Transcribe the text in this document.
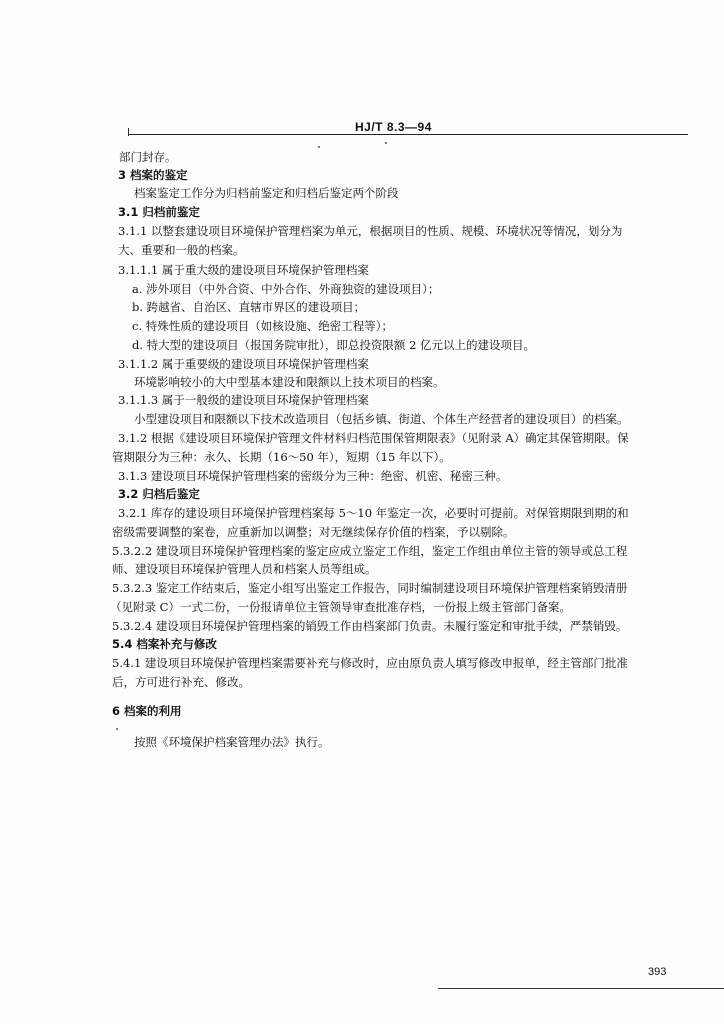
HJ/T 8.3—94
部门封存。
3 档案的鉴定
档案鉴定工作分为归档前鉴定和归档后鉴定两个阶段
3.1 归档前鉴定
3.1.1 以整套建设项目环境保护管理档案为单元，根据项目的性质、规模、环境状况等情况，划分为
大、重要和一般的档案。
3.1.1.1 属于重大级的建设项目环境保护管理档案
a. 涉外项目（中外合资、中外合作、外商独资的建设项目）；
b. 跨越省、自治区、直辖市界区的建设项目；
c. 特殊性质的建设项目（如核设施、绝密工程等）；
d. 特大型的建设项目（报国务院审批），即总投资限额 2 亿元以上的建设项目。
3.1.1.2 属于重要级的建设项目环境保护管理档案
环境影响较小的大中型基本建设和限额以上技术项目的档案。
3.1.1.3 属于一般级的建设项目环境保护管理档案
小型建设项目和限额以下技术改造项目（包括乡镇、街道、个体生产经营者的建设项目）的档案。
3.1.2 根据《建设项目环境保护管理文件材料归档范围保管期限表》（见附录 A）确定其保管期限。保
管期限分为三种：永久、长期（16～50 年），短期（15 年以下）。
3.1.3 建设项目环境保护管理档案的密级分为三种：绝密、机密、秘密三种。
3.2 归档后鉴定
3.2.1 库存的建设项目环境保护管理档案每 5～10 年鉴定一次，必要时可提前。对保管期限到期的和
密级需要调整的案卷，应重新加以调整；对无继续保存价值的档案，予以剔除。
5.3.2.2 建设项目环境保护管理档案的鉴定应成立鉴定工作组，鉴定工作组由单位主管的领导或总工程
师、建设项目环境保护管理人员和档案人员等组成。
5.3.2.3 鉴定工作结束后，鉴定小组写出鉴定工作报告，同时编制建设项目环境保护管理档案销毁清册
（见附录 C）一式二份，一份报请单位主管领导审查批准存档，一份报上级主管部门备案。
5.3.2.4 建设项目环境保护管理档案的销毁工作由档案部门负责。未履行鉴定和审批手续，严禁销毁。
5.4 档案补充与修改
5.4.1 建设项目环境保护管理档案需要补充与修改时，应由原负责人填写修改申报单，经主管部门批准
后，方可进行补充、修改。
6 档案的利用
按照《环境保护档案管理办法》执行。
393
